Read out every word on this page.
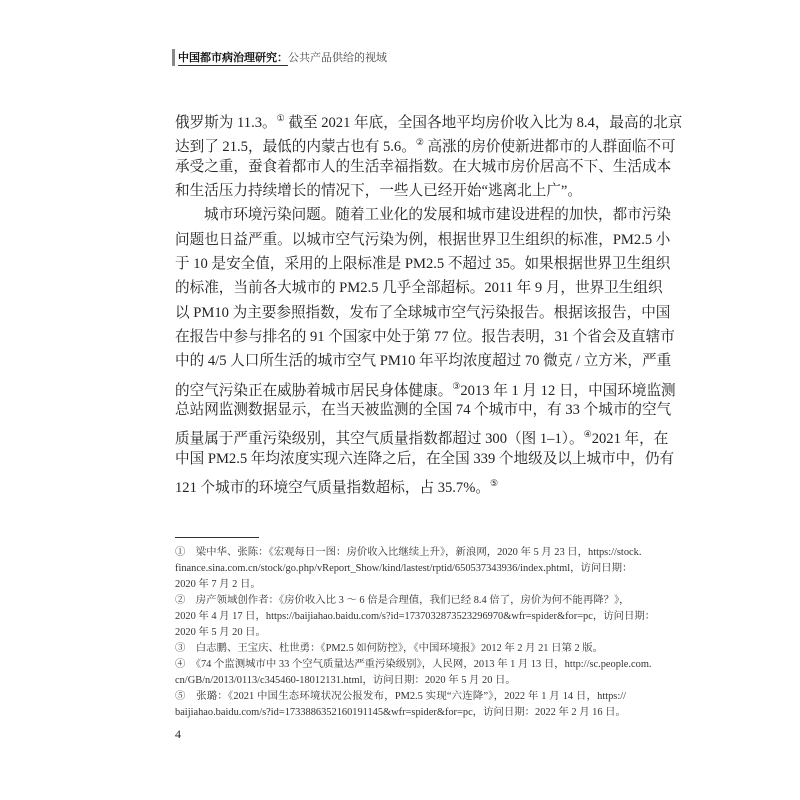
中国都市病治理研究： 公共产品供给的视域
俄罗斯为 11.3。① 截至 2021 年底，全国各地平均房价收入比为 8.4，最高的北京
达到了 21.5，最低的内蒙古也有 5.6。② 高涨的房价使新进都市的人群面临不可
承受之重，蚕食着都市人的生活幸福指数。在大城市房价居高不下、生活成本
和生活压力持续增长的情况下，一些人已经开始“逃离北上广”。
城市环境污染问题。随着工业化的发展和城市建设进程的加快，都市污染
问题也日益严重。以城市空气污染为例，根据世界卫生组织的标准，PM2.5 小
于 10 是安全值，采用的上限标准是 PM2.5 不超过 35。如果根据世界卫生组织
的标准，当前各大城市的 PM2.5 几乎全部超标。2011 年 9 月，世界卫生组织
以 PM10 为主要参照指数，发布了全球城市空气污染报告。根据该报告，中国
在报告中参与排名的 91 个国家中处于第 77 位。报告表明，31 个省会及直辖市
中的 4/5 人口所生活的城市空气 PM10 年平均浓度超过 70 微克 / 立方米，严重
的空气污染正在威胁着城市居民身体健康。③2013 年 1 月 12 日，中国环境监测
总站网监测数据显示，在当天被监测的全国 74 个城市中，有 33 个城市的空气
质量属于严重污染级别，其空气质量指数都超过 300（图 1–1）。④2021 年，在
中国 PM2.5 年均浓度实现六连降之后，在全国 339 个地级及以上城市中，仍有
121 个城市的环境空气质量指数超标，占 35.7%。⑤
①　梁中华、张陈：《宏观每日一图：房价收入比继续上升》，新浪网，2020 年 5 月 23 日，https://stock.
finance.sina.com.cn/stock/go.php/vReport_Show/kind/lastest/rptid/650537343936/index.phtml，访问日期：
2020 年 7 月 2 日。
②　房产领域创作者：《房价收入比 3 ～ 6 倍是合理值，我们已经 8.4 倍了，房价为何不能再降？》，
2020 年 4 月 17 日，https://baijiahao.baidu.com/s?id=1737032873523296970&wfr=spider&for=pc，访问日期：
2020 年 5 月 20 日。
③　白志鹏、王宝庆、杜世勇：《PM2.5 如何防控》，《中国环境报》2012 年 2 月 21 日第 2 版。
④　《74 个监测城市中 33 个空气质量达严重污染级别》，人民网，2013 年 1 月 13 日，http://sc.people.com.
cn/GB/n/2013/0113/c345460-18012131.html，访问日期：2020 年 5 月 20 日。
⑤　张璐：《2021 中国生态环境状况公报发布，PM2.5 实现“六连降”》，2022 年 1 月 14 日，https://
baijiahao.baidu.com/s?id=1733886352160191145&wfr=spider&for=pc，访问日期：2022 年 2 月 16 日。
4
